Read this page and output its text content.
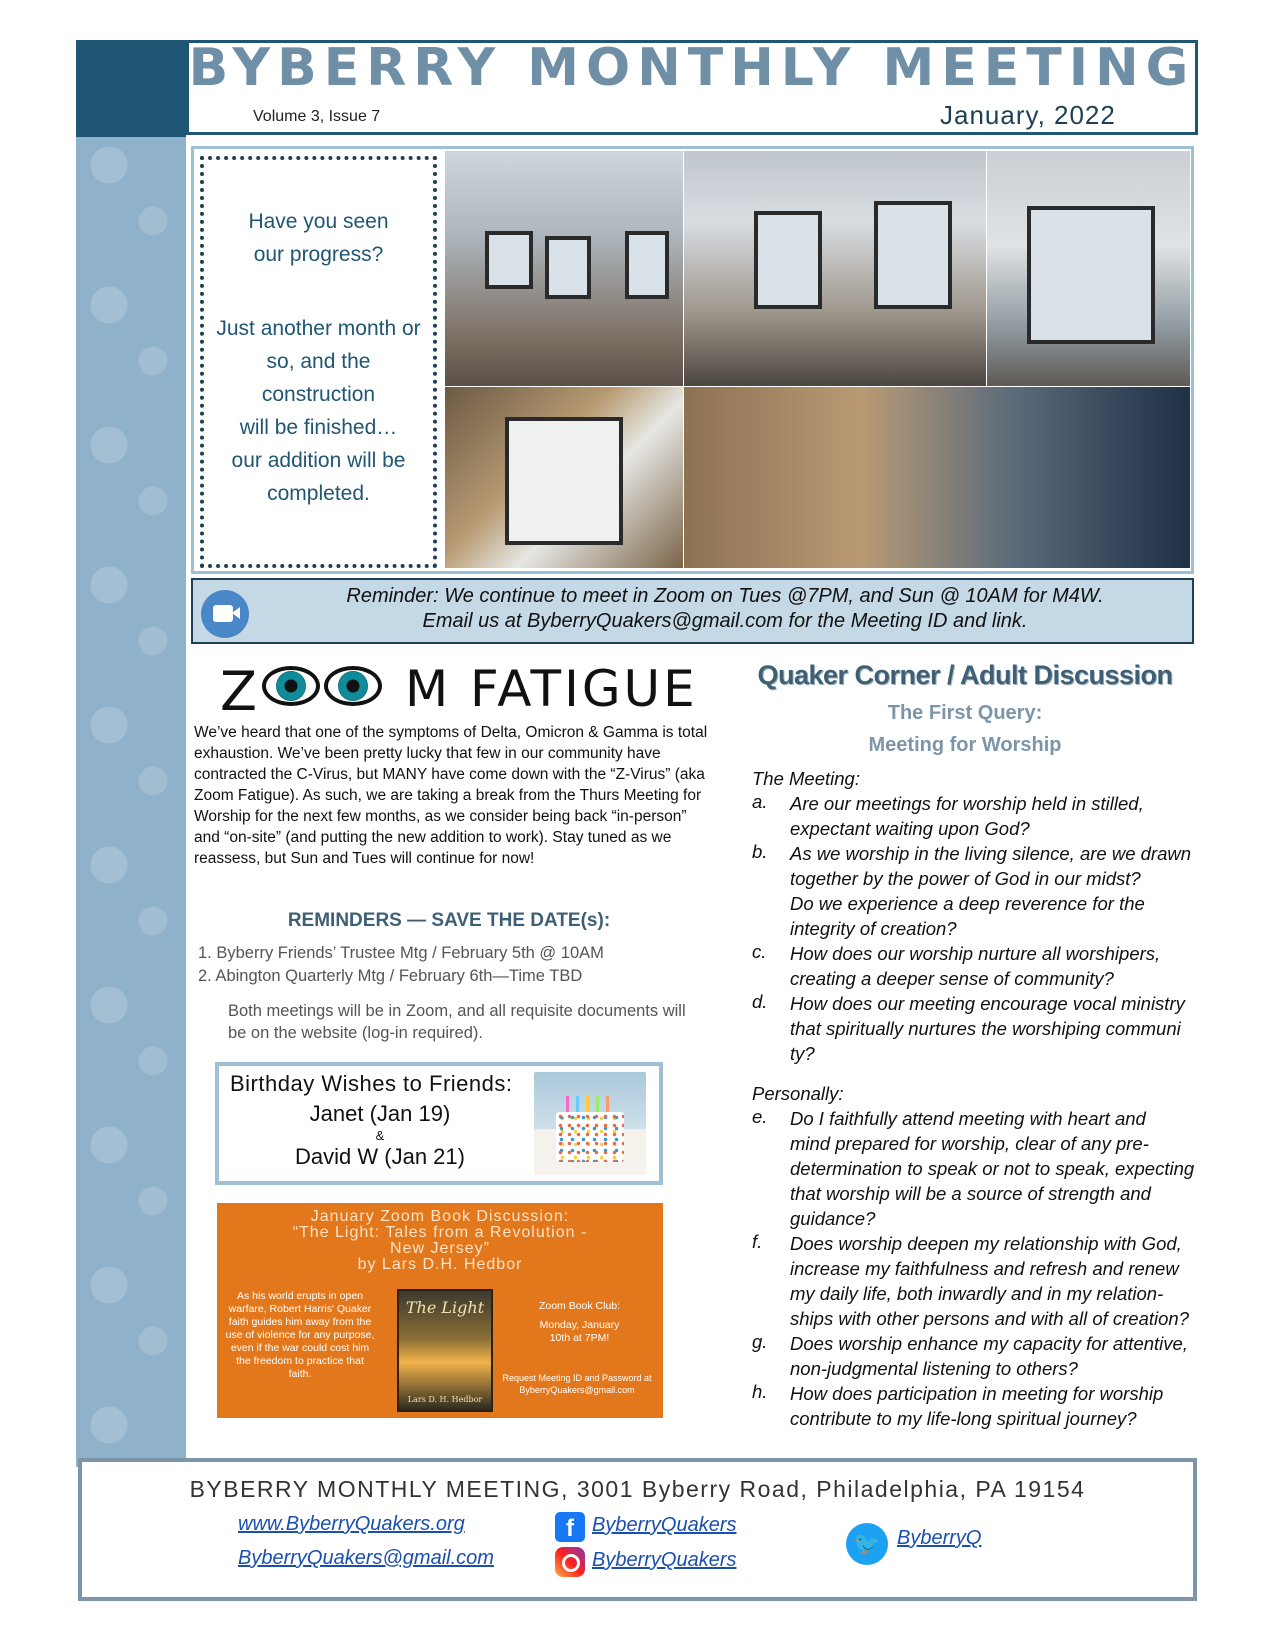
BYBERRY MONTHLY MEETING
Volume 3, Issue 7	January, 2022
Have you seen
our progress?
Just another month or
so, and the
construction
will be finished…
our addition will be
completed.
Reminder: We continue to meet in Zoom on Tues @7PM, and Sun @ 10AM for M4W.
Email us at ByberryQuakers@gmail.com for the Meeting ID and link.
Z	M FATIGUE
We’ve heard that one of the symptoms of Delta, Omicron & Gamma is total exhaustion. We’ve been pretty lucky that few in our community have contracted the C-Virus, but MANY have come down with the “Z-Virus” (aka Zoom Fatigue). As such, we are taking a break from the Thurs Meeting for Worship for the next few months, as we consider being back “in-person” and “on-site” (and putting the new addition to work). Stay tuned as we reassess, but Sun and Tues will continue for now!
REMINDERS — SAVE THE DATE(s):
1. Byberry Friends’ Trustee Mtg / February 5th @ 10AM
2. Abington Quarterly Mtg / February 6th—Time TBD
Both meetings will be in Zoom, and all requisite documents will be on the website (log-in required).
Birthday Wishes to Friends:
Janet (Jan 19)
&
David W (Jan 21)
January Zoom Book Discussion:
“The Light: Tales from a Revolution -
New Jersey”
by Lars D.H. Hedbor
As his world erupts in open warfare, Robert Harris' Quaker faith guides him away from the use of violence for any purpose, even if the war could cost him the freedom to practice that faith.
The Light
Lars D. H. Hedbor
Zoom Book Club:
Monday, January 10th at 7PM!
Request Meeting ID and Password at ByberryQuakers@gmail.com
Quaker Corner / Adult Discussion
The First Query:
Meeting for Worship
The Meeting:
a. Are our meetings for worship held in stilled,
expectant waiting upon God?
b. As we worship in the living silence, are we drawn
together by the power of God in our midst?
Do we experience a deep reverence for the
integrity of creation?
c. How does our worship nurture all worshipers,
creating a deeper sense of community?
d. How does our meeting encourage vocal ministry
that spiritually nurtures the worshiping communi
ty?
Personally:
e. Do I faithfully attend meeting with heart and
mind prepared for worship, clear of any pre-
determination to speak or not to speak, expecting
that worship will be a source of strength and
guidance?
f. Does worship deepen my relationship with God,
increase my faithfulness and refresh and renew
my daily life, both inwardly and in my relation-
ships with other persons and with all of creation?
g. Does worship enhance my capacity for attentive,
non-judgmental listening to others?
h. How does participation in meeting for worship
contribute to my life-long spiritual journey?
BYBERRY MONTHLY MEETING, 3001 Byberry Road, Philadelphia, PA 19154
www.ByberryQuakers.org
ByberryQuakers@gmail.com
f ByberryQuakers
ByberryQuakers
🐦 ByberryQ
